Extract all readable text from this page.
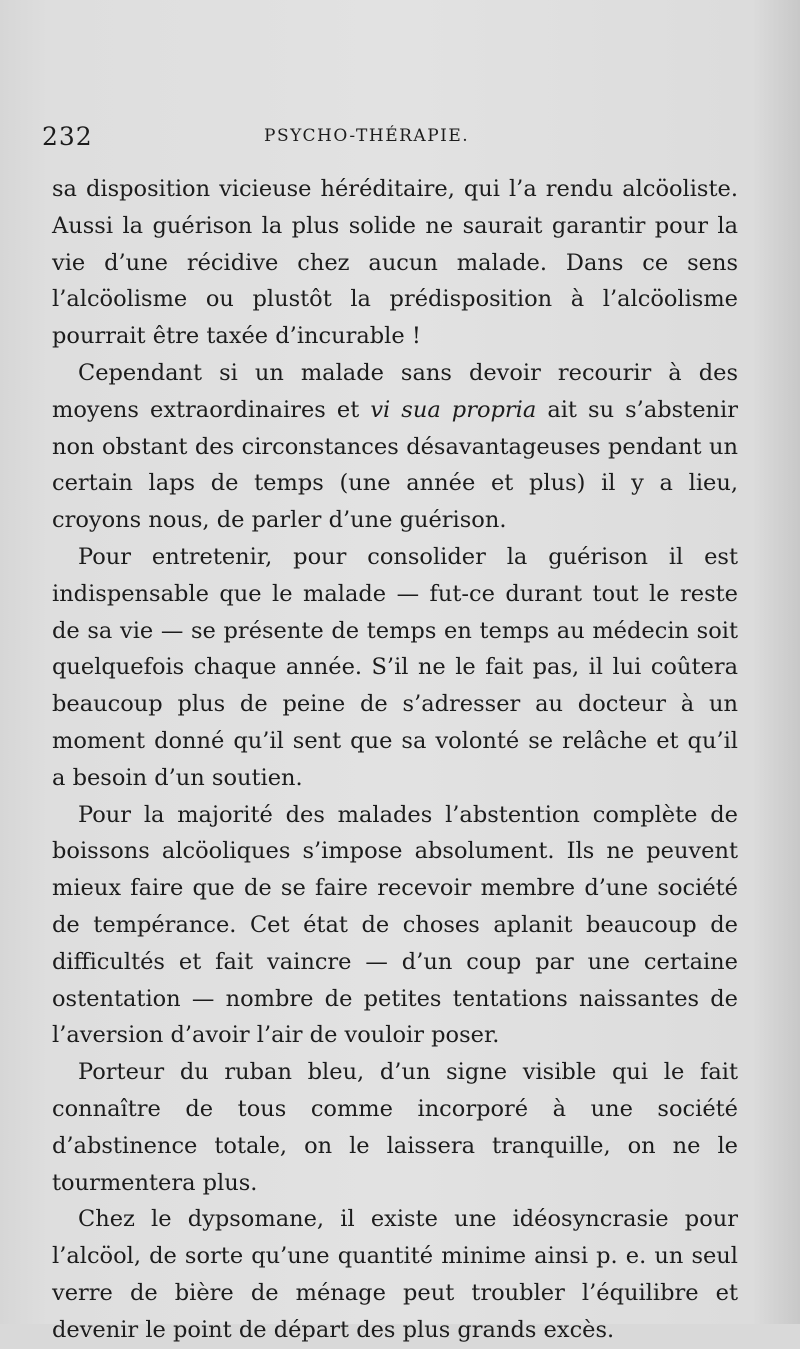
232	PSYCHO-THÉRAPIE.

sa disposition vicieuse héréditaire, qui l’a rendu alcöoliste. Aussi la guérison la plus solide ne saurait garantir pour la vie d’une récidive chez aucun malade. Dans ce sens l’alcöolisme ou plustôt la prédisposition à l’alcöolisme pourrait être taxée d’incurable !

Cependant si un malade sans devoir recourir à des moyens extraordinaires et vi sua propria ait su s’abstenir non obstant des circonstances désavantageuses pendant un certain laps de temps (une année et plus) il y a lieu, croyons nous, de parler d’une guérison.

Pour entretenir, pour consolider la guérison il est indispensable que le malade — fut-ce durant tout le reste de sa vie — se présente de temps en temps au médecin soit quelquefois chaque année. S’il ne le fait pas, il lui coûtera beaucoup plus de peine de s’adresser au docteur à un moment donné qu’il sent que sa volonté se relâche et qu’il a besoin d’un soutien.

Pour la majorité des malades l’abstention complète de boissons alcöoliques s’impose absolument. Ils ne peuvent mieux faire que de se faire recevoir membre d’une société de tempérance. Cet état de choses aplanit beaucoup de difficultés et fait vaincre — d’un coup par une certaine ostentation — nombre de petites tentations naissantes de l’aversion d’avoir l’air de vouloir poser.

Porteur du ruban bleu, d’un signe visible qui le fait connaître de tous comme incorporé à une société d’abstinence totale, on le laissera tranquille, on ne le tourmentera plus.

Chez le dypsomane, il existe une idéosyncrasie pour l’alcöol, de sorte qu’une quantité minime ainsi p. e. un seul verre de bière de ménage peut troubler l’équilibre et devenir le point de départ des plus grands excès.
